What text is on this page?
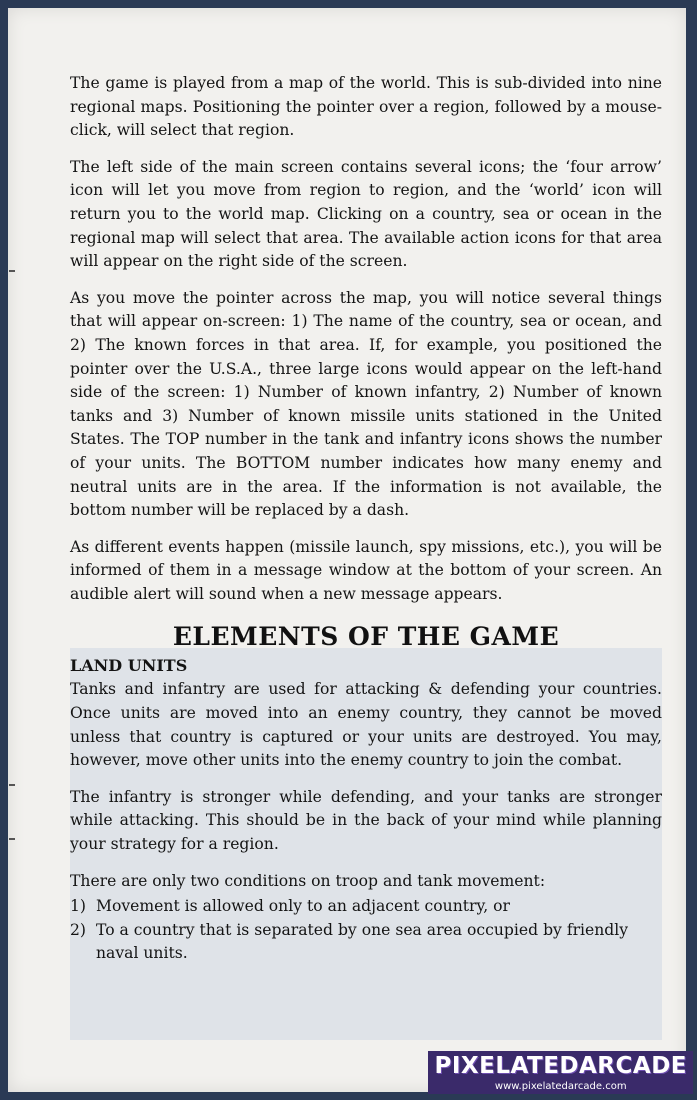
The game is played from a map of the world. This is sub-divided into nine regional maps. Positioning the pointer over a region, followed by a mouse-click, will select that region.

The left side of the main screen contains several icons; the ‘four arrow’ icon will let you move from region to region, and the ‘world’ icon will return you to the world map. Clicking on a country, sea or ocean in the regional map will select that area. The available action icons for that area will appear on the right side of the screen.

As you move the pointer across the map, you will notice several things that will appear on-screen: 1) The name of the country, sea or ocean, and 2) The known forces in that area. If, for example, you positioned the pointer over the U.S.A., three large icons would appear on the left-hand side of the screen: 1) Number of known infantry, 2) Number of known tanks and 3) Number of known missile units stationed in the United States. The TOP number in the tank and infantry icons shows the number of your units. The BOTTOM number indicates how many enemy and neutral units are in the area. If the information is not available, the bottom number will be replaced by a dash.

As different events happen (missile launch, spy missions, etc.), you will be informed of them in a message window at the bottom of your screen. An audible alert will sound when a new message appears.

ELEMENTS OF THE GAME
LAND UNITS

Tanks and infantry are used for attacking & defending your countries. Once units are moved into an enemy country, they cannot be moved unless that country is captured or your units are destroyed. You may, however, move other units into the enemy country to join the combat.

The infantry is stronger while defending, and your tanks are stronger while attacking. This should be in the back of your mind while planning your strategy for a region.

There are only two conditions on troop and tank movement:

1) Movement is allowed only to an adjacent country, or
2) To a country that is separated by one sea area occupied by friendly naval units.
PIXELATEDARCADE
www.pixelatedarcade.com
